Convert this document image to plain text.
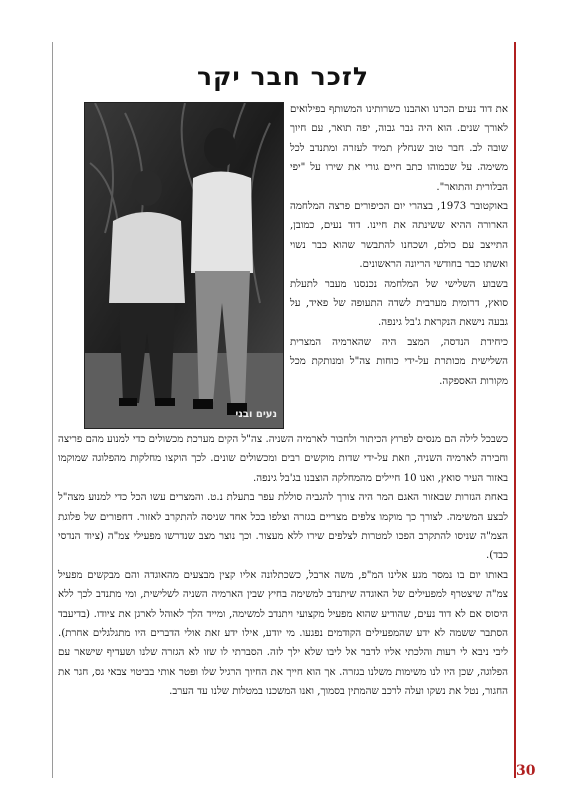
לזכר חבר יקר
נעים ובני

את דוד נעים הכרנו ואהבנו כשרותינו המשותף בפילואים לאורך שנים. הוא היה גבר גבוה, יפה תואר, עם חיוך שובה לב. חבר טוב שנחלץ תמיד לעזרה ומתנדב לכל משימה. על שכמוהו כתב חיים גורי את שירו על "יפי הבלורית והתואר".

באוקטובר 1973, בצהרי יום הכיפורים פרצה המלחמה הארורה ההיא ששינתה את חיינו. דוד נעים, כמובן, התייצב עם כולם, ושכחנו להתבשר שהוא כבר נשוי ואשתו כבר בחודשי הריונה הראשונים.

בשבוע השלישי של המלחמה נכנסנו מעבר לתעלת סואץ, דרומית מערבית לשדה התעופה של פאיד, על גבעה נישאת הנקראת ג'בל גינפה.

כיחידת הנדסה, המצב היה שהארמיה המצרית השלישית מכותרת על-ידי כוחות צה"ל ומנותקת מכל מקורות האספקה.

כשבכל לילה הם מנסים לפרוץ הכיתור ולחבור לארמיה השניה. צה"ל הקים מערכת מכשולים כדי למנוע מהם פריצה וחבירה לארמיה השניה, וזאת על-ידי שדות מוקשים רבים ומכשולים שונים. לכך הוקצו מחלקות מהפלוגה שמוקמו באזור העיר סואץ, ואנו 10 חיילים מהמחלקה הוצבנו בג'בל גינפה.

באחת הגזרות שבאזור האגם המר היה צורך להגביה סוללת עפר בתעלת נ.ט. והמצרים עשו הכל כדי למנוע מצה"ל לבצע המשימה. לצורך כך מוקמו צלפים מצריים בגזרה וצלפו בכל אחד שניסה להתקרב לאזור. דחפורים של פלוגת הצמ"ה שניסו להתקרב הפכו למטרות לצלפים שירו ללא מעצור. וכך נוצר מצב שנדרשו מפעילי צמ"ה (ציוד הנדסי כבד).

באותו יום בו נמסר מגע אלינו המ"פ, משה ארבל, כשכתלונה אליו קצין מבצעים מהאוגדה והם מבקשים מפעיל צמ"ה שיצטרף למפעילים של האוגדה שיתנדב למשימה בחיץ שבין הארמיה השניה לשלישית, ומי מתנדב לכך ללא היסוס אם לא דוד נעים, שהודיע שהוא מפעיל מקצועי ויתנדב למשימה, ומייד הלך לאוהל לארגן את ציודו. (בדיעבד הסתבר ששמה לא ידע שהמפעילים הקודמים נפגעו. מי יודע, אילו ידע זאת אולי הדברים היו מתגלגלים אחרת). ליבי ניבא לי רעות והלכתי אליו לדבר אל ליבו שלא ילך לזה. הסברתי לו שזו לא הגזרה שלנו ושעדיף שישאר עם הפלוגה, שכן היו לנו משימות משלנו בגזרה. אך הוא חייך את החיוך הרגיל שלו ופטר אותי בביטוי צבאי גס, חגר את החגור, נטל את נשקו ועלה לרכב שהמתין בסמוך, ואנו המשכנו במטלות שלנו עד הערב.

30
